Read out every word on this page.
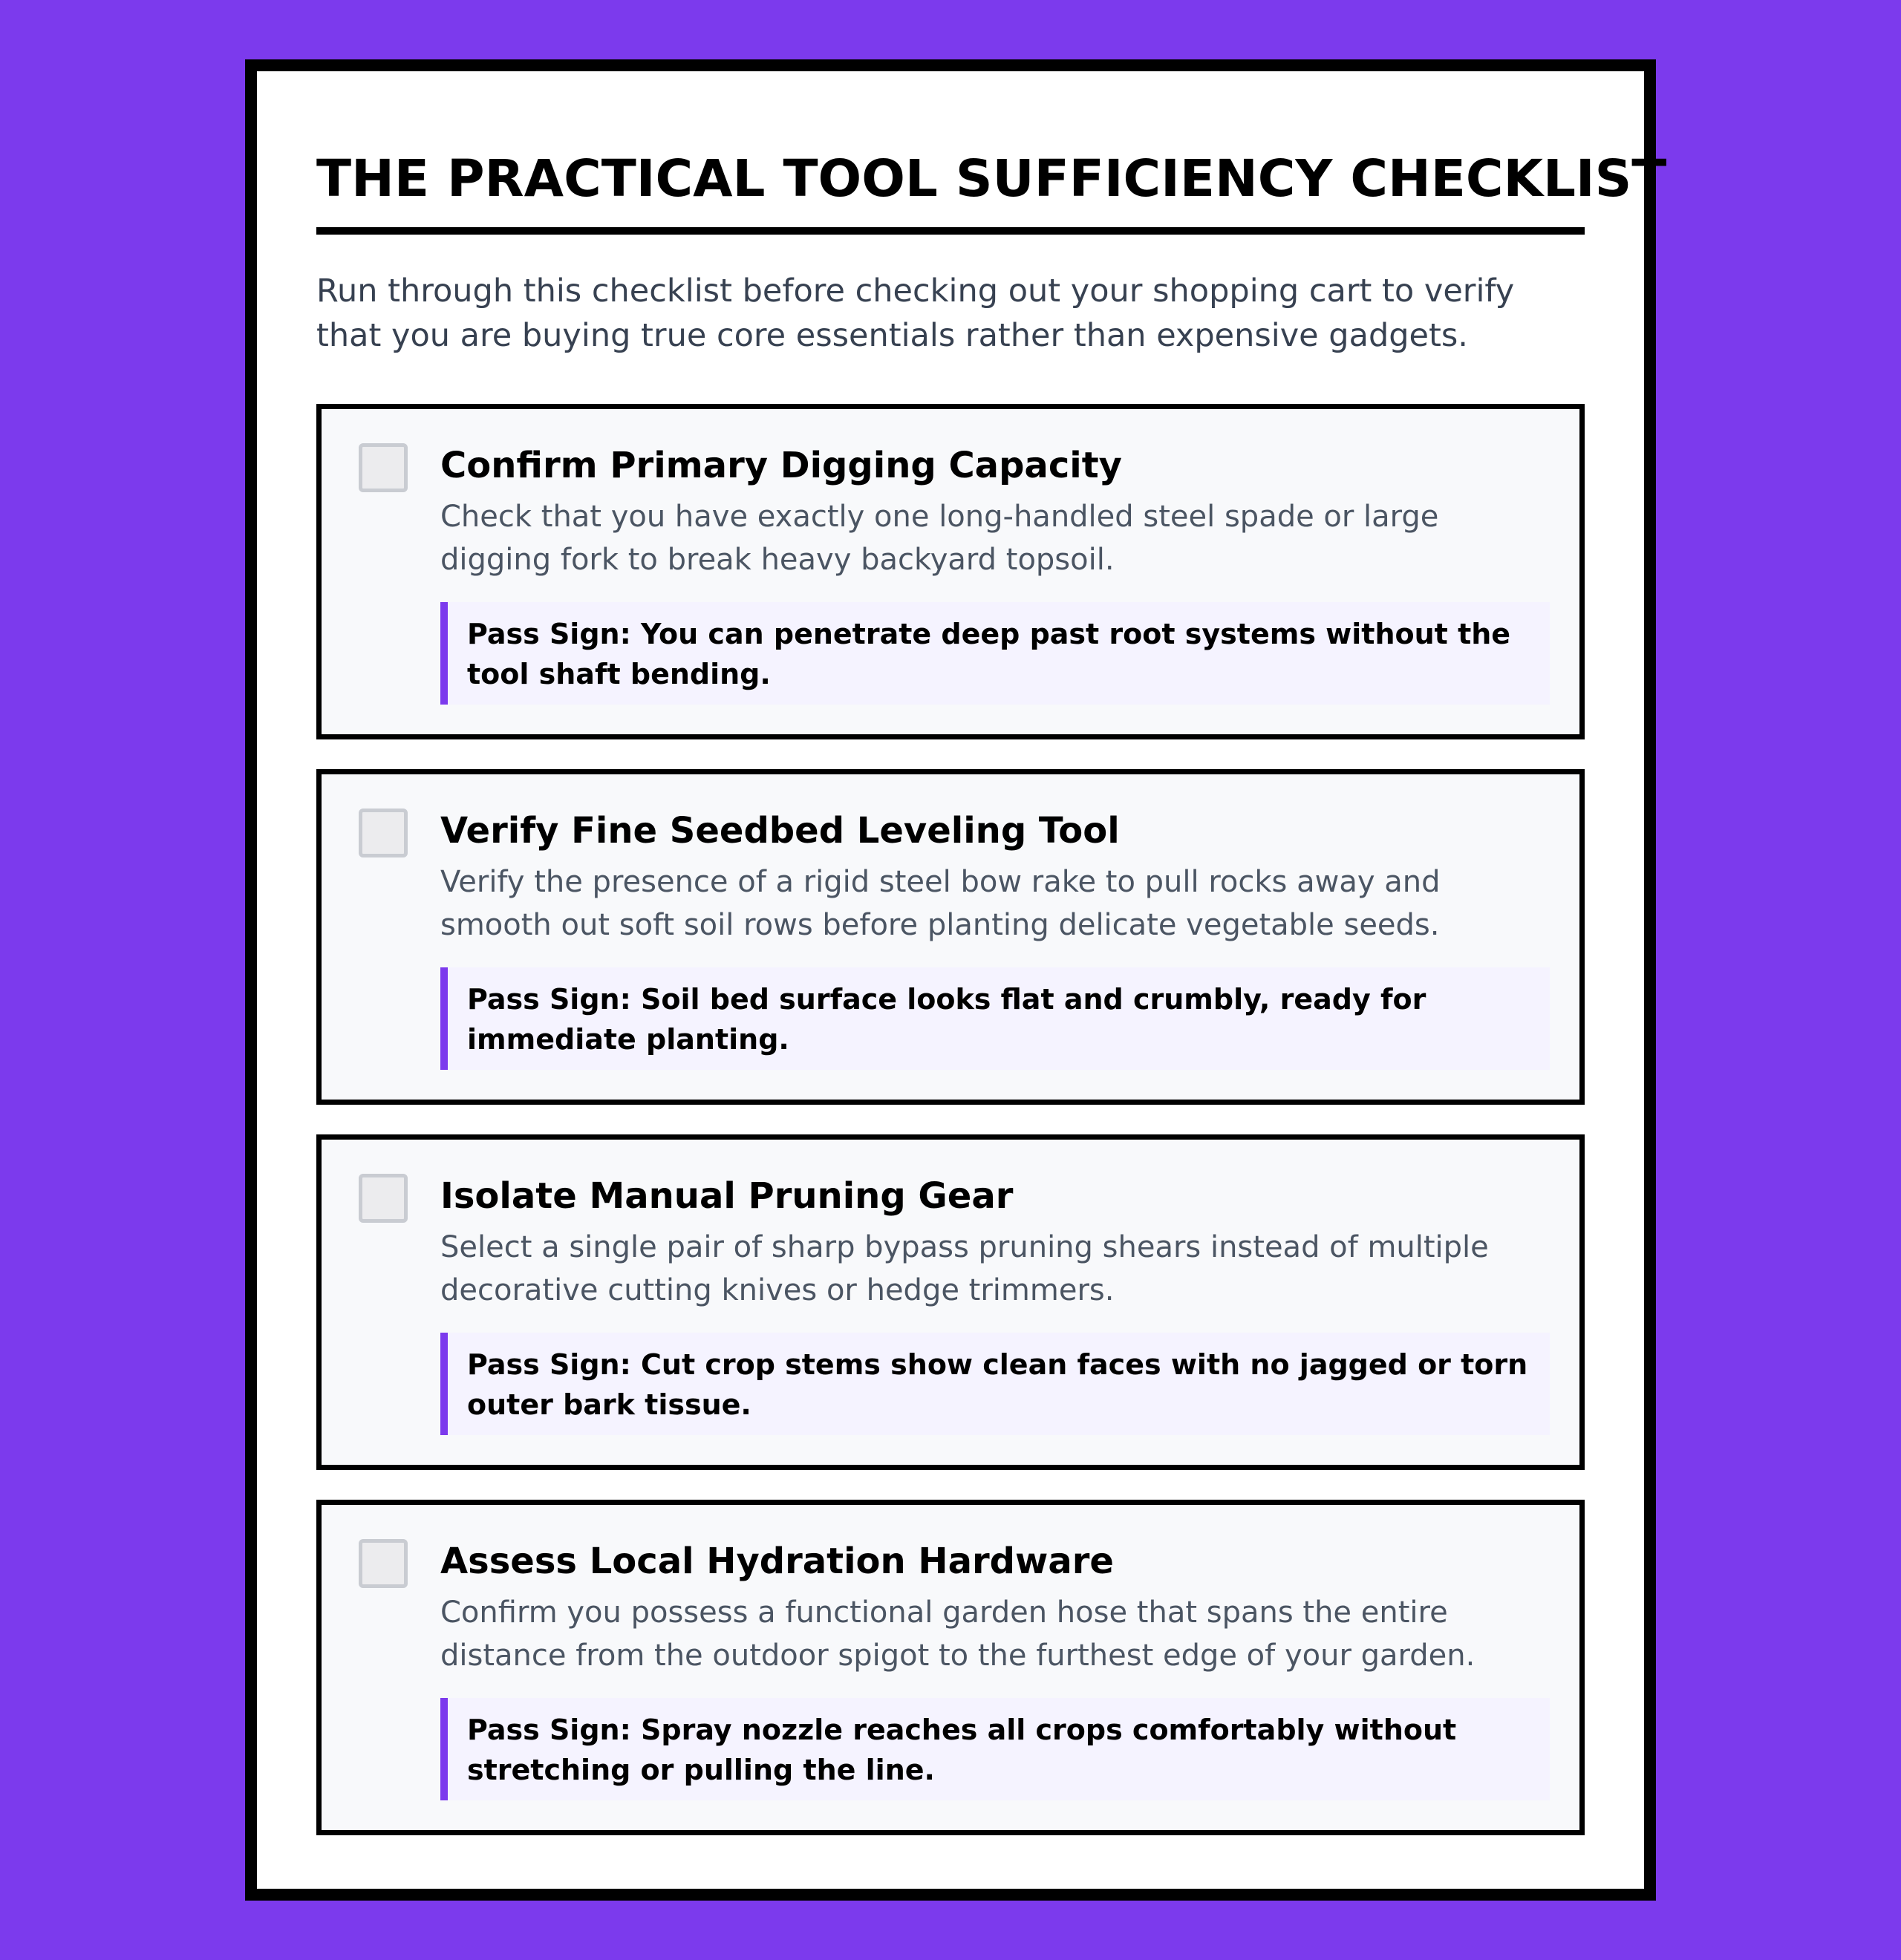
THE PRACTICAL TOOL SUFFICIENCY CHECKLIST

Run through this checklist before checking out your shopping cart to verify that you are buying true core essentials rather than expensive gadgets.

Confirm Primary Digging Capacity

Check that you have exactly one long-handled steel spade or large digging fork to break heavy backyard topsoil.

Pass Sign: You can penetrate deep past root systems without the tool shaft bending.
Verify Fine Seedbed Leveling Tool

Verify the presence of a rigid steel bow rake to pull rocks away and smooth out soft soil rows before planting delicate vegetable seeds.

Pass Sign: Soil bed surface looks flat and crumbly, ready for immediate planting.
Isolate Manual Pruning Gear

Select a single pair of sharp bypass pruning shears instead of multiple decorative cutting knives or hedge trimmers.

Pass Sign: Cut crop stems show clean faces with no jagged or torn outer bark tissue.
Assess Local Hydration Hardware

Confirm you possess a functional garden hose that spans the entire distance from the outdoor spigot to the furthest edge of your garden.

Pass Sign: Spray nozzle reaches all crops comfortably without stretching or pulling the line.
